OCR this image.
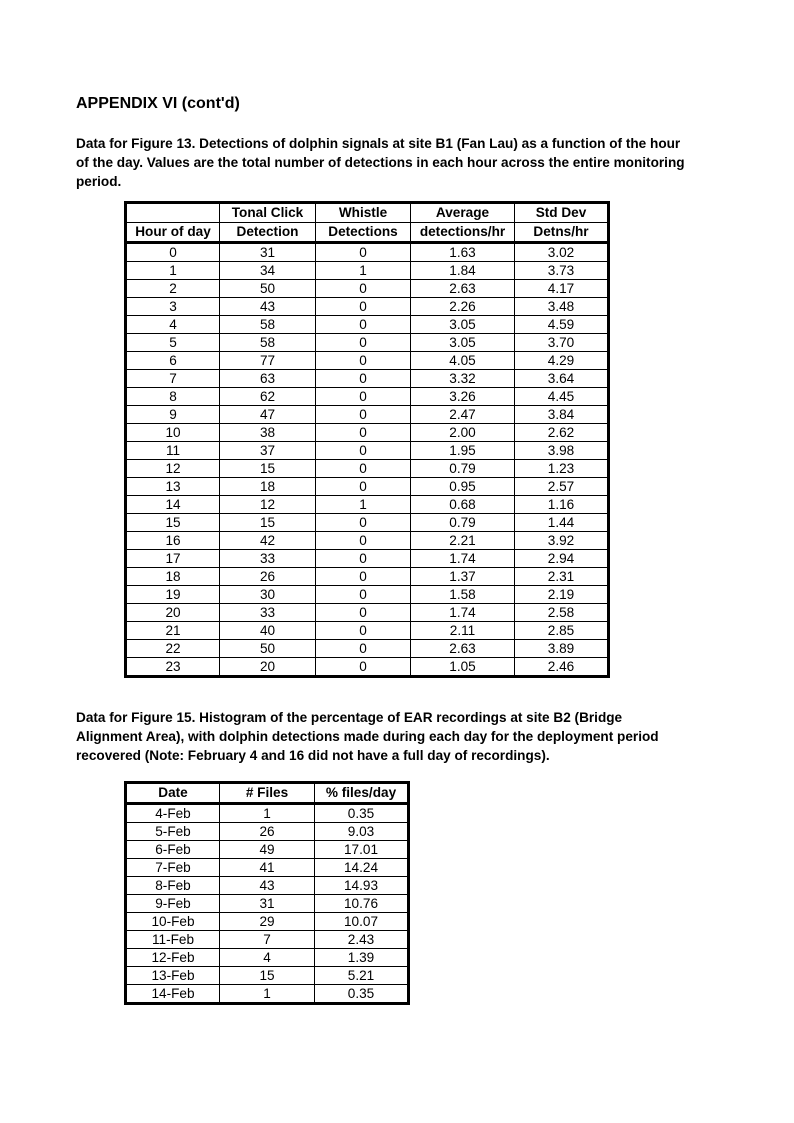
APPENDIX VI (cont'd)

Data for Figure 13. Detections of dolphin signals at site B1 (Fan Lau) as a function of the hour of the day. Values are the total number of detections in each hour across the entire monitoring period.

	Tonal Click	Whistle	Average	Std Dev
Hour of day	Detection	Detections	detections/hr	Detns/hr
0	31	0	1.63	3.02
1	34	1	1.84	3.73
2	50	0	2.63	4.17
3	43	0	2.26	3.48
4	58	0	3.05	4.59
5	58	0	3.05	3.70
6	77	0	4.05	4.29
7	63	0	3.32	3.64
8	62	0	3.26	4.45
9	47	0	2.47	3.84
10	38	0	2.00	2.62
11	37	0	1.95	3.98
12	15	0	0.79	1.23
13	18	0	0.95	2.57
14	12	1	0.68	1.16
15	15	0	0.79	1.44
16	42	0	2.21	3.92
17	33	0	1.74	2.94
18	26	0	1.37	2.31
19	30	0	1.58	2.19
20	33	0	1.74	2.58
21	40	0	2.11	2.85
22	50	0	2.63	3.89
23	20	0	1.05	2.46

Data for Figure 15. Histogram of the percentage of EAR recordings at site B2 (Bridge Alignment Area), with dolphin detections made during each day for the deployment period recovered (Note: February 4 and 16 did not have a full day of recordings).

Date	# Files	% files/day
4-Feb	1	0.35
5-Feb	26	9.03
6-Feb	49	17.01
7-Feb	41	14.24
8-Feb	43	14.93
9-Feb	31	10.76
10-Feb	29	10.07
11-Feb	7	2.43
12-Feb	4	1.39
13-Feb	15	5.21
14-Feb	1	0.35
